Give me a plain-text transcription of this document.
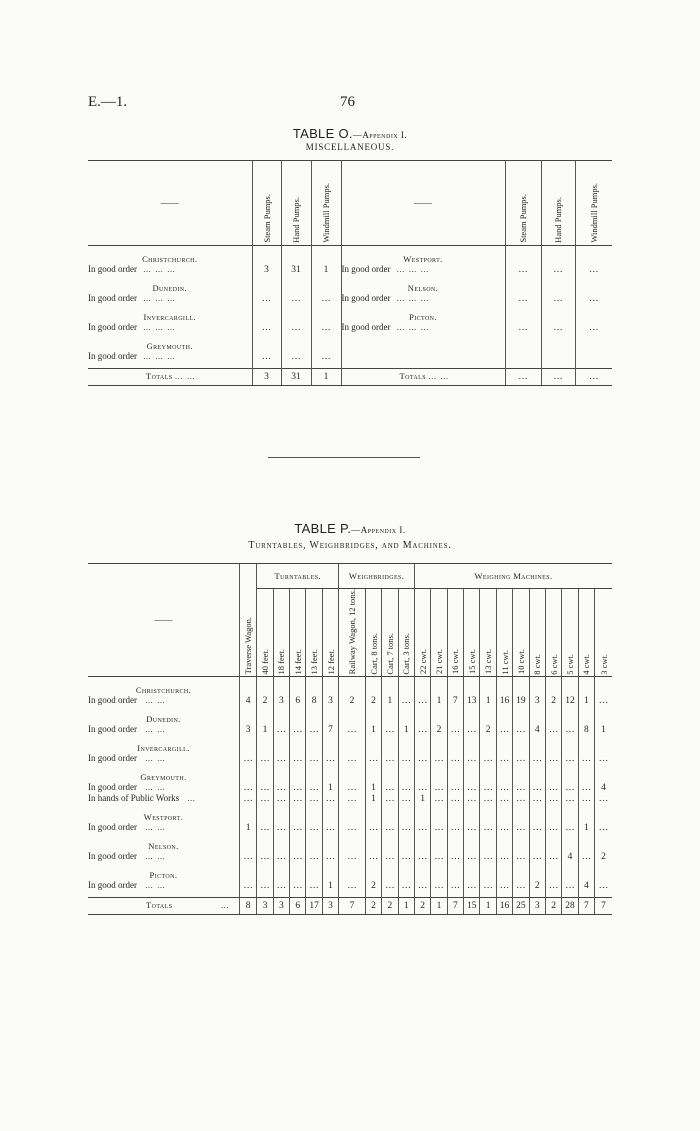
E.—1.	76
TABLE O.—Appendix I.
MISCELLANEOUS.
——	Steam Pumps.	Hand Pumps.	Windmill Pumps.	——	Steam Pumps.	Hand Pumps.	Windmill Pumps.
Christchurch.				Westport.			
In good order … … …	3	31	1	In good order … … …	…	…	…
Dunedin.				Nelson.			
In good order … … …	…	…	…	In good order … … …	…	…	…
Invercargill.				Picton.			
In good order … … …	…	…	…	In good order … … …	…	…	…
Greymouth.							
In good order … … …	…	…	…				

Totals … …	3	31	1	Totals … …	…	…	…
TABLE P.—Appendix I.
Turntables, Weighbridges, and Machines.
——	Traverse Wagon.	Turntables.					Weighbridges.				Weighing Machines.											
		40 feet.	18 feet.	14 feet.	13 feet.	12 feet.	Railway Wagon, 12 tons.	Cart, 8 tons.	Cart, 7 tons.	Cart, 3 tons.	22 cwt.	21 cwt.	16 cwt.	15 cwt.	13 cwt.	11 cwt.	10 cwt.	8 cwt.	6 cwt.	5 cwt.	4 cwt.	3 cwt.
Christchurch.																						
In good order … …	4	2	3	6	8	3	2	2	1	…	…	1	7	13	1	16	19	3	2	12	1	…
Dunedin.																						
In good order … …	3	1	…	…	…	7	…	1	…	1	…	2	…	…	2	…	…	4	…	…	8	1
Invercargill.																						
In good order … …	…	…	…	…	…	…	…	…	…	…	…	…	…	…	…	…	…	…	…	…	…	…
Greymouth.																						
In good order … …	…	…	…	…	…	1	…	1	…	…	…	…	…	…	…	…	…	…	…	…	…	4
In hands of Public Works …	…	…	…	…	…	…	…	1	…	…	1	…	…	…	…	…	…	…	…	…	…	…
Westport.																						
In good order … …	1	…	…	…	…	…	…	…	…	…	…	…	…	…	…	…	…	…	…	…	1	…
Nelson.																						
In good order … …	…	…	…	…	…	…	…	…	…	…	…	…	…	…	…	…	…	…	…	4	…	2
Picton.																						
In good order … …	…	…	…	…	…	1	…	2	…	…	…	…	…	…	…	…	…	2	…	…	4	…

Totals …	8	3	3	6	17	3	7	2	2	1	2	1	7	15	1	16	25	3	2	28	7	7
